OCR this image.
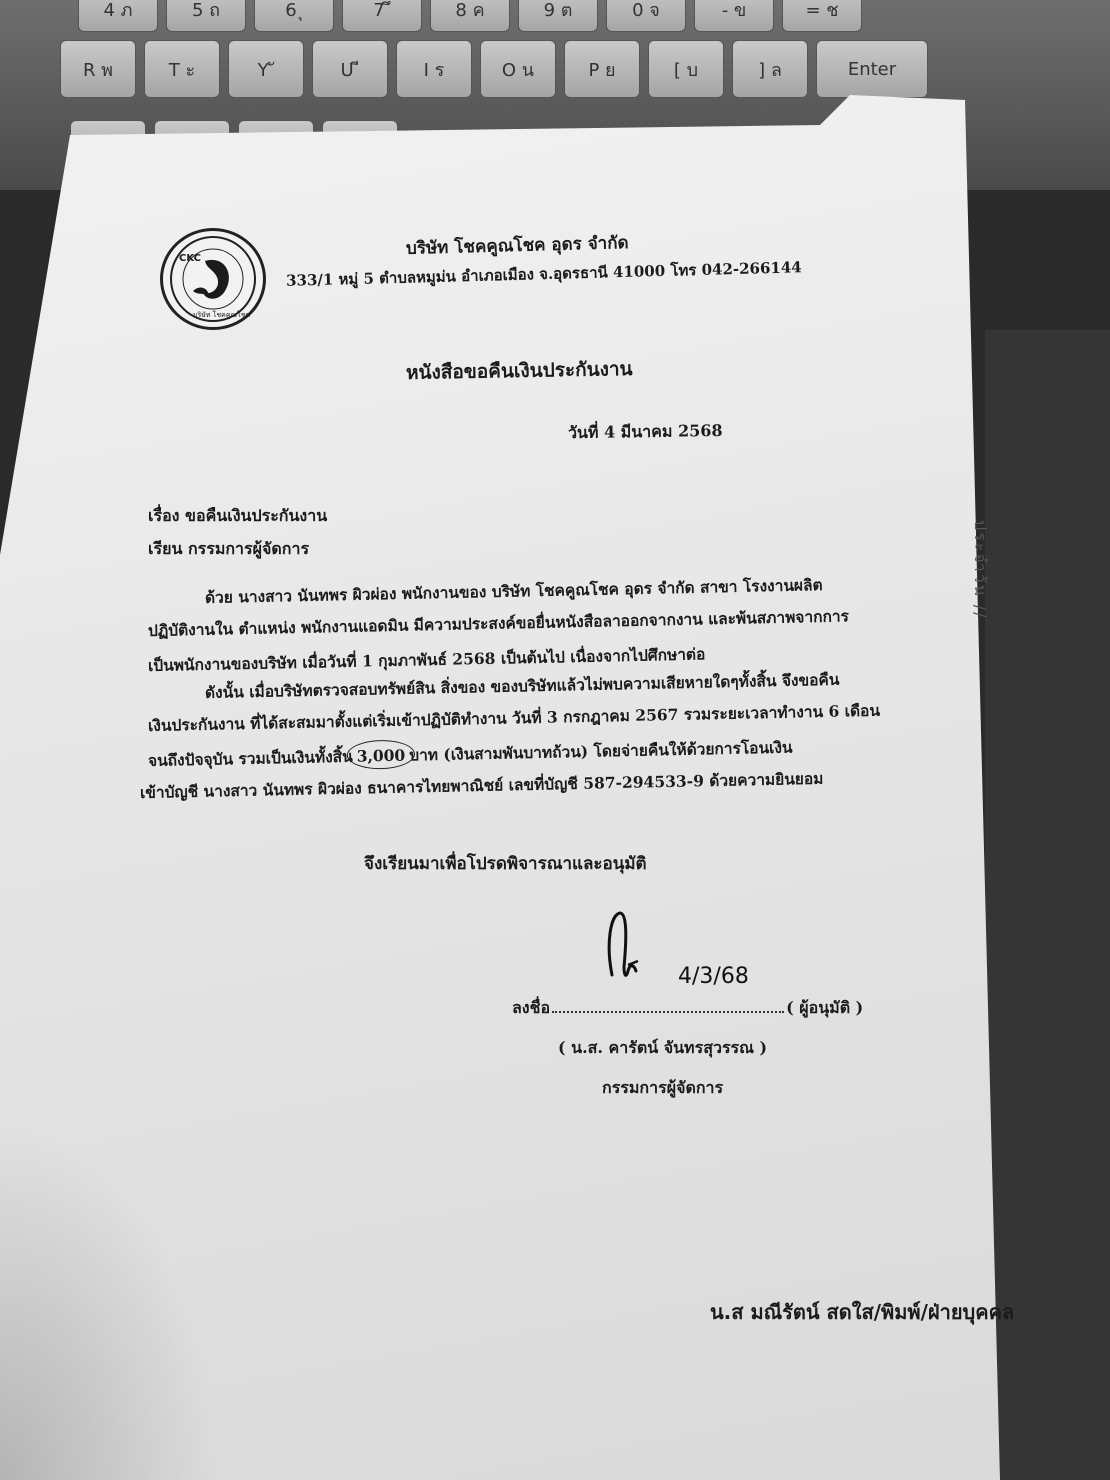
4 ภ	5 ถ	6 ุ	7 ึ	8 ค	9 ต	0 จ	- ข	= ช
R พ	T ะ	Y ั	U ี	I ร	O น	P ย	[ บ	] ล	Enter
ประจำวัน //
CKC
บริษัท โชคคูณโชค
บริษัท โชคคูณโชค อุดร จำกัด
333/1 หมู่ 5 ตำบลหมูม่น อำเภอเมือง จ.อุดรธานี 41000 โทร 042-266144
หนังสือขอคืนเงินประกันงาน
วันที่ 4 มีนาคม 2568
เรื่อง ขอคืนเงินประกันงาน
เรียน กรรมการผู้จัดการ
ด้วย นางสาว นันทพร ผิวผ่อง พนักงานของ บริษัท โชคคูณโชค อุดร จำกัด สาขา โรงงานผลิต
ปฏิบัติงานใน ตำแหน่ง พนักงานแอดมิน มีความประสงค์ขอยื่นหนังสือลาออกจากงาน และพ้นสภาพจากการ
เป็นพนักงานของบริษัท เมื่อวันที่ 1 กุมภาพันธ์ 2568 เป็นต้นไป เนื่องจากไปศึกษาต่อ
ดังนั้น เมื่อบริษัทตรวจสอบทรัพย์สิน สิ่งของ ของบริษัทแล้วไม่พบความเสียหายใดๆทั้งสิ้น จึงขอคืน
เงินประกันงาน ที่ได้สะสมมาตั้งแต่เริ่มเข้าปฏิบัติทำงาน วันที่ 3 กรกฎาคม 2567 รวมระยะเวลาทำงาน 6 เดือน
จนถึงปัจจุบัน รวมเป็นเงินทั้งสิ้น 3,000 บาท (เงินสามพันบาทถ้วน) โดยจ่ายคืนให้ด้วยการโอนเงิน
เข้าบัญชี นางสาว นันทพร ผิวผ่อง ธนาคารไทยพาณิชย์ เลขที่บัญชี 587-294533-9 ด้วยความยินยอม
จึงเรียนมาเพื่อโปรดพิจารณาและอนุมัติ
4/3/68
ลงชื่อ	( ผู้อนุมัติ )
( น.ส. คารัตน์ จันทรสุวรรณ )
กรรมการผู้จัดการ
น.ส มณีรัตน์ สดใส/พิมพ์/ฝ่ายบุคคล
